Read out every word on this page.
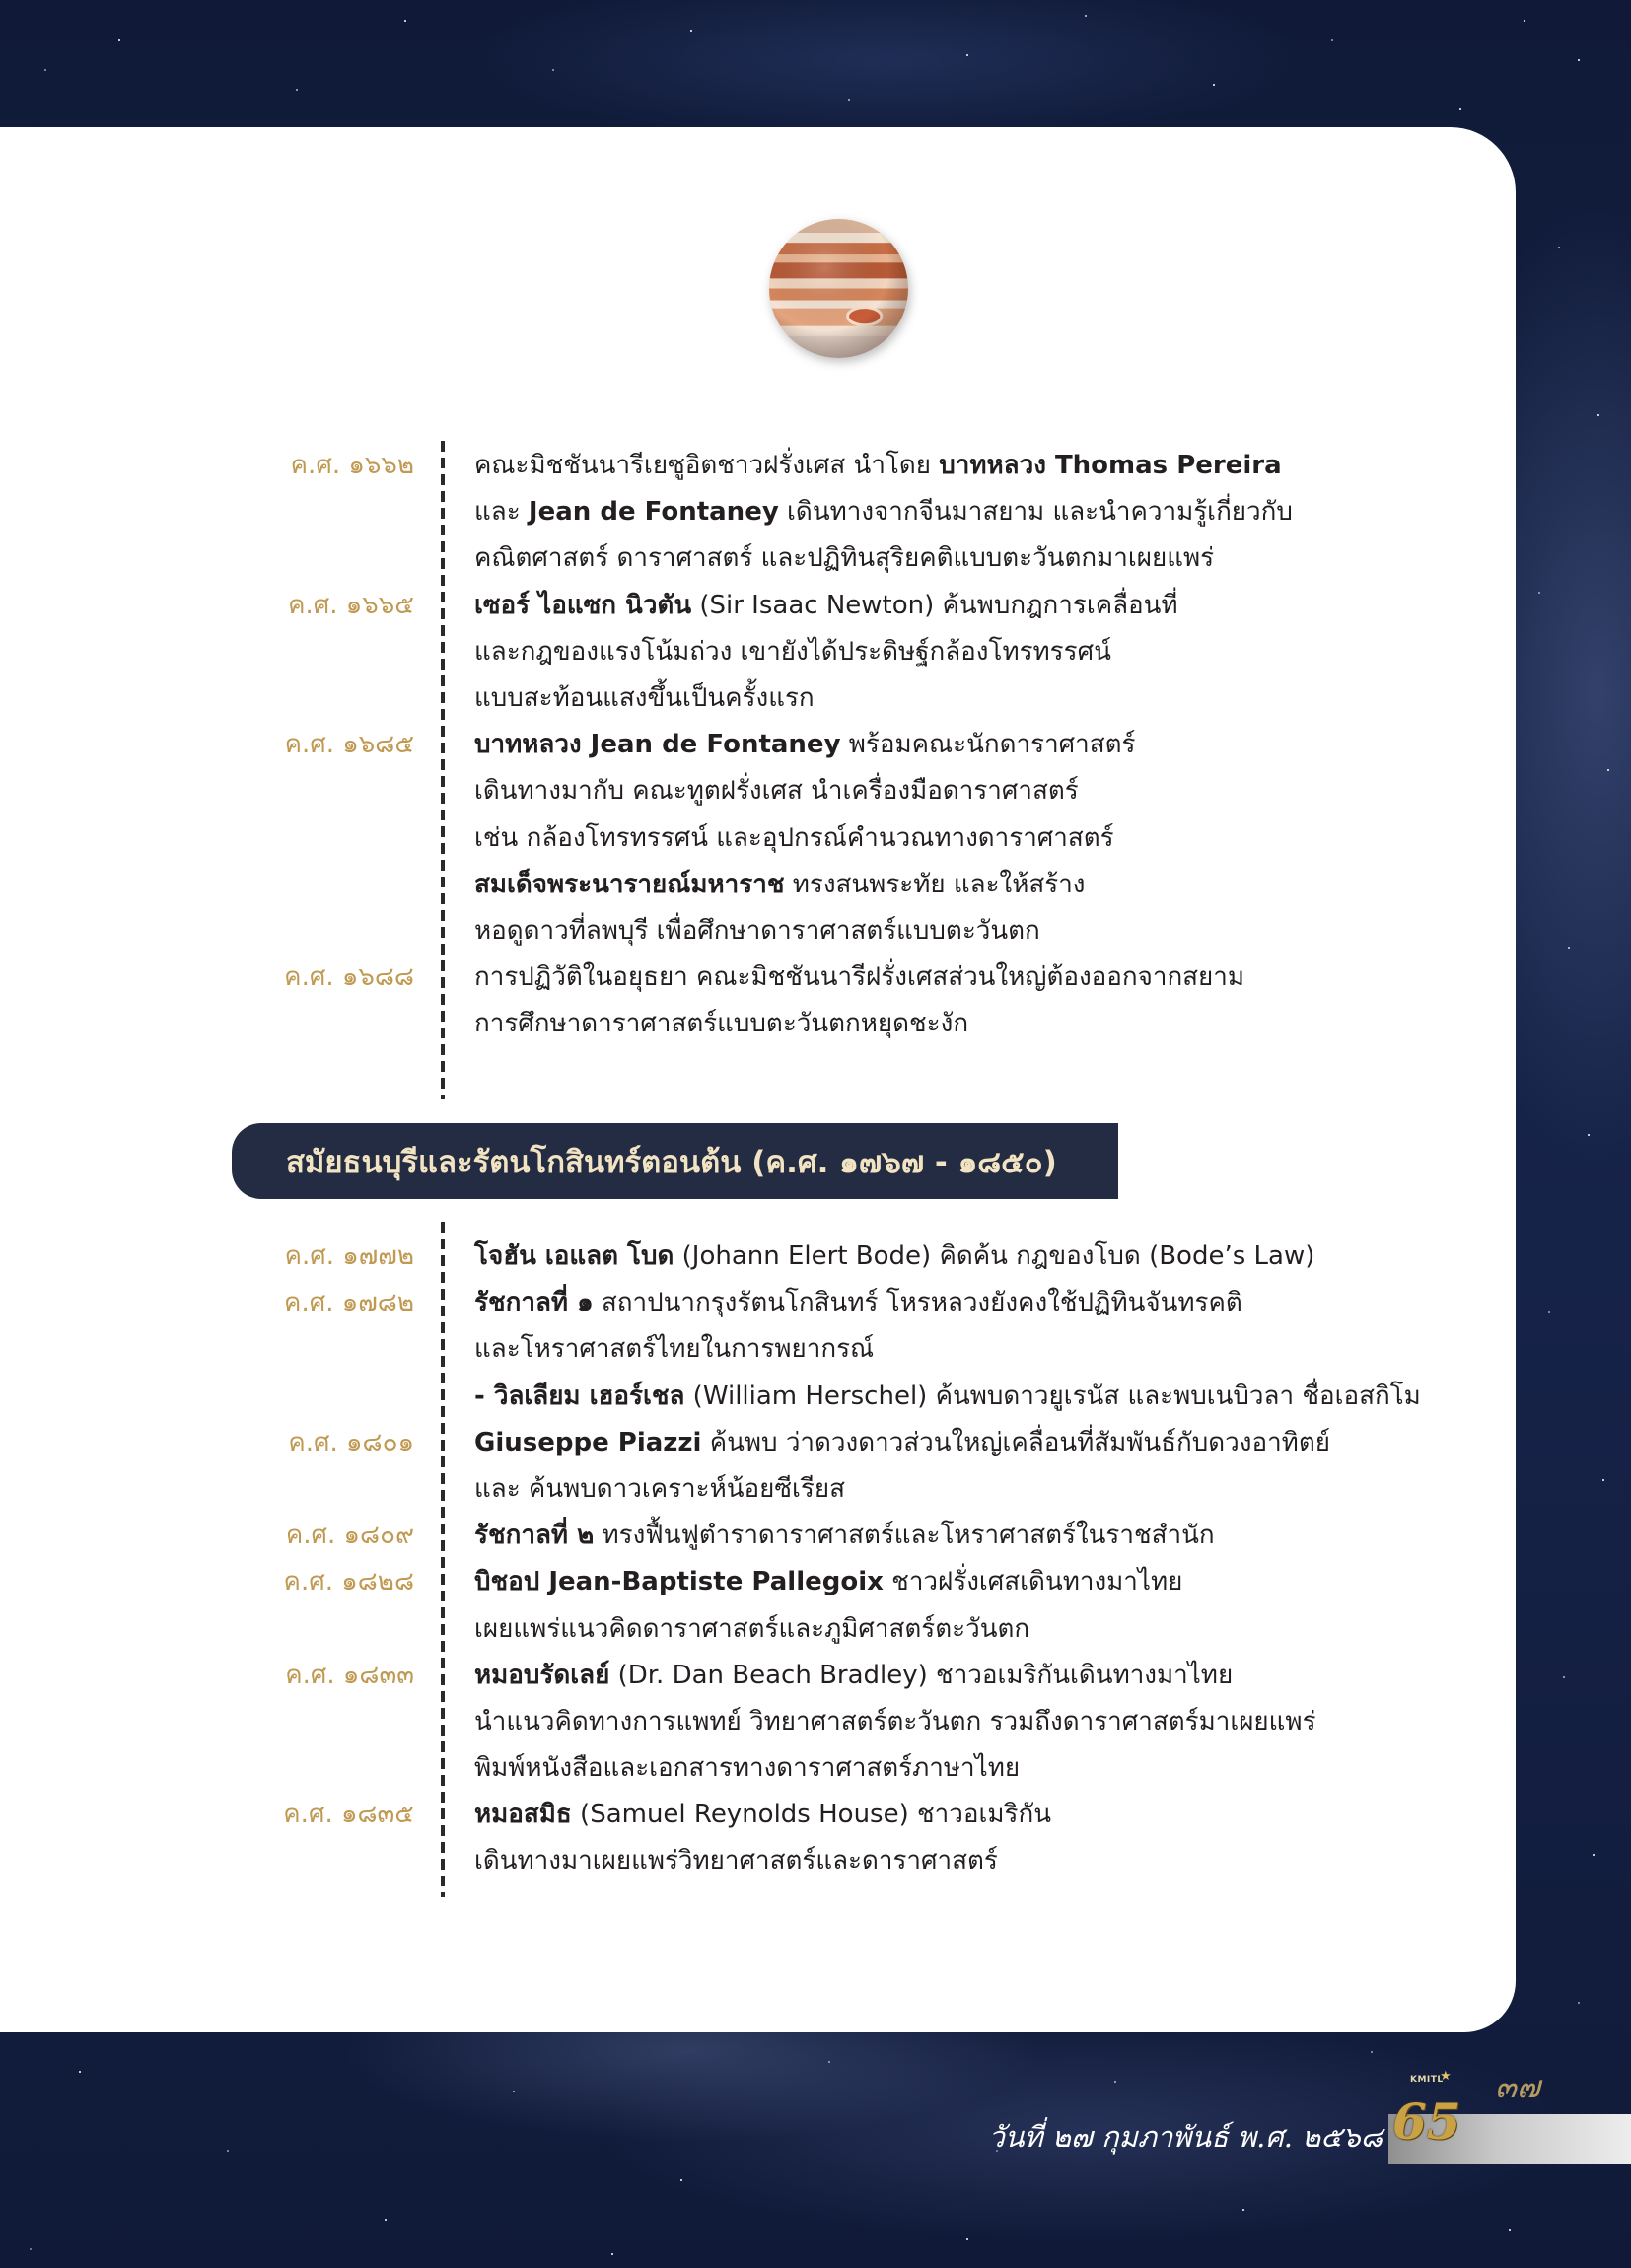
ค.ศ. ๑๖๖๒ คณะมิชชันนารีเยซูอิตชาวฝรั่งเศส นำโดย บาทหลวง Thomas Pereira
และ Jean de Fontaney เดินทางจากจีนมาสยาม และนำความรู้เกี่ยวกับ
คณิตศาสตร์ ดาราศาสตร์ และปฏิทินสุริยคติแบบตะวันตกมาเผยแพร่
ค.ศ. ๑๖๖๕ เซอร์ ไอแซก นิวตัน (Sir Isaac Newton) ค้นพบกฎการเคลื่อนที่
และกฎของแรงโน้มถ่วง เขายังได้ประดิษฐ์กล้องโทรทรรศน์
แบบสะท้อนแสงขึ้นเป็นครั้งแรก
ค.ศ. ๑๖๘๕ บาทหลวง Jean de Fontaney พร้อมคณะนักดาราศาสตร์
เดินทางมากับ คณะทูตฝรั่งเศส นำเครื่องมือดาราศาสตร์
เช่น กล้องโทรทรรศน์ และอุปกรณ์คำนวณทางดาราศาสตร์
สมเด็จพระนารายณ์มหาราช ทรงสนพระทัย และให้สร้าง
หอดูดาวที่ลพบุรี เพื่อศึกษาดาราศาสตร์แบบตะวันตก
ค.ศ. ๑๖๘๘ การปฏิวัติในอยุธยา คณะมิชชันนารีฝรั่งเศสส่วนใหญ่ต้องออกจากสยาม
การศึกษาดาราศาสตร์แบบตะวันตกหยุดชะงัก
สมัยธนบุรีและรัตนโกสินทร์ตอนต้น (ค.ศ. ๑๗๖๗ - ๑๘๕๐)
ค.ศ. ๑๗๗๒ โจฮัน เอแลต โบด (Johann Elert Bode) คิดค้น กฎของโบด (Bode’s Law)
ค.ศ. ๑๗๘๒ รัชกาลที่ ๑ สถาปนากรุงรัตนโกสินทร์ โหรหลวงยังคงใช้ปฏิทินจันทรคติ
และโหราศาสตร์ไทยในการพยากรณ์
- วิลเลียม เฮอร์เชล (William Herschel) ค้นพบดาวยูเรนัส และพบเนบิวลา ชื่อเอสกิโม
ค.ศ. ๑๘๐๑ Giuseppe Piazzi ค้นพบ ว่าดวงดาวส่วนใหญ่เคลื่อนที่สัมพันธ์กับดวงอาทิตย์
และ ค้นพบดาวเคราะห์น้อยซีเรียส
ค.ศ. ๑๘๐๙ รัชกาลที่ ๒ ทรงฟื้นฟูตำราดาราศาสตร์และโหราศาสตร์ในราชสำนัก
ค.ศ. ๑๘๒๘ บิชอป Jean-Baptiste Pallegoix ชาวฝรั่งเศสเดินทางมาไทย
เผยแพร่แนวคิดดาราศาสตร์และภูมิศาสตร์ตะวันตก
ค.ศ. ๑๘๓๓ หมอบรัดเลย์ (Dr. Dan Beach Bradley) ชาวอเมริกันเดินทางมาไทย
นำแนวคิดทางการแพทย์ วิทยาศาสตร์ตะวันตก รวมถึงดาราศาสตร์มาเผยแพร่
พิมพ์หนังสือและเอกสารทางดาราศาสตร์ภาษาไทย
ค.ศ. ๑๘๓๕ หมอสมิธ (Samuel Reynolds House) ชาวอเมริกัน
เดินทางมาเผยแพร่วิทยาศาสตร์และดาราศาสตร์
๓๗
วันที่ ๒๗ กุมภาพันธ์ พ.ศ. ๒๕๖๘
KMITL
★
65
